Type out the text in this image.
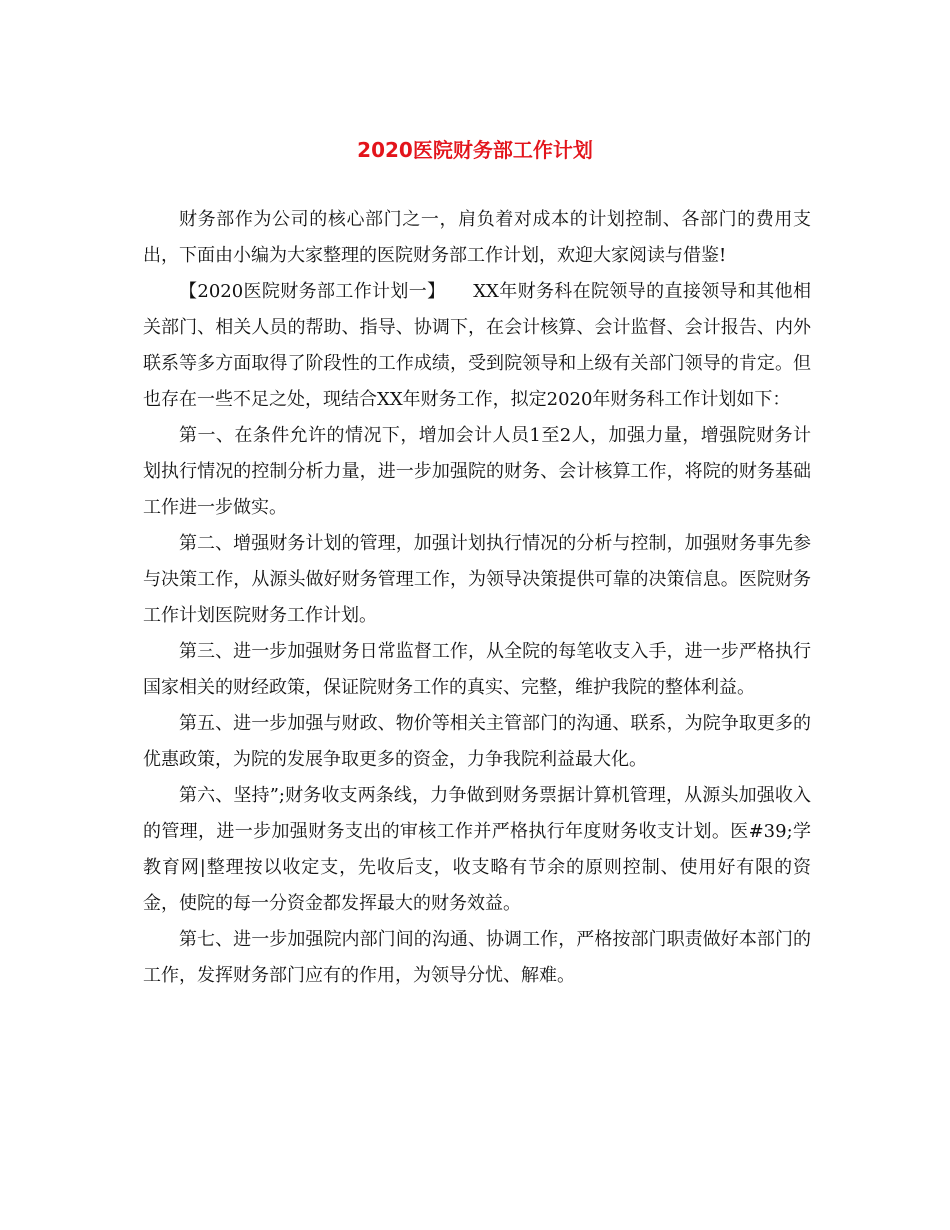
2020医院财务部工作计划

财务部作为公司的核心部门之一，肩负着对成本的计划控制、各部门的费用支出，下面由小编为大家整理的医院财务部工作计划，欢迎大家阅读与借鉴!

【2020医院财务部工作计划一】　　XX年财务科在院领导的直接领导和其他相关部门、相关人员的帮助、指导、协调下，在会计核算、会计监督、会计报告、内外联系等多方面取得了阶段性的工作成绩，受到院领导和上级有关部门领导的肯定。但也存在一些不足之处，现结合XX年财务工作，拟定2020年财务科工作计划如下：

第一、在条件允许的情况下，增加会计人员1至2人，加强力量，增强院财务计划执行情况的控制分析力量，进一步加强院的财务、会计核算工作，将院的财务基础工作进一步做实。

第二、增强财务计划的管理，加强计划执行情况的分析与控制，加强财务事先参与决策工作，从源头做好财务管理工作，为领导决策提供可靠的决策信息。医院财务工作计划医院财务工作计划。

第三、进一步加强财务日常监督工作，从全院的每笔收支入手，进一步严格执行国家相关的财经政策，保证院财务工作的真实、完整，维护我院的整体利益。

第五、进一步加强与财政、物价等相关主管部门的沟通、联系，为院争取更多的优惠政策，为院的发展争取更多的资金，力争我院利益最大化。

第六、坚持”;财务收支两条线，力争做到财务票据计算机管理，从源头加强收入的管理，进一步加强财务支出的审核工作并严格执行年度财务收支计划。医#39;学教育网|整理按以收定支，先收后支，收支略有节余的原则控制、使用好有限的资金，使院的每一分资金都发挥最大的财务效益。

第七、进一步加强院内部门间的沟通、协调工作，严格按部门职责做好本部门的工作，发挥财务部门应有的作用，为领导分忧、解难。
